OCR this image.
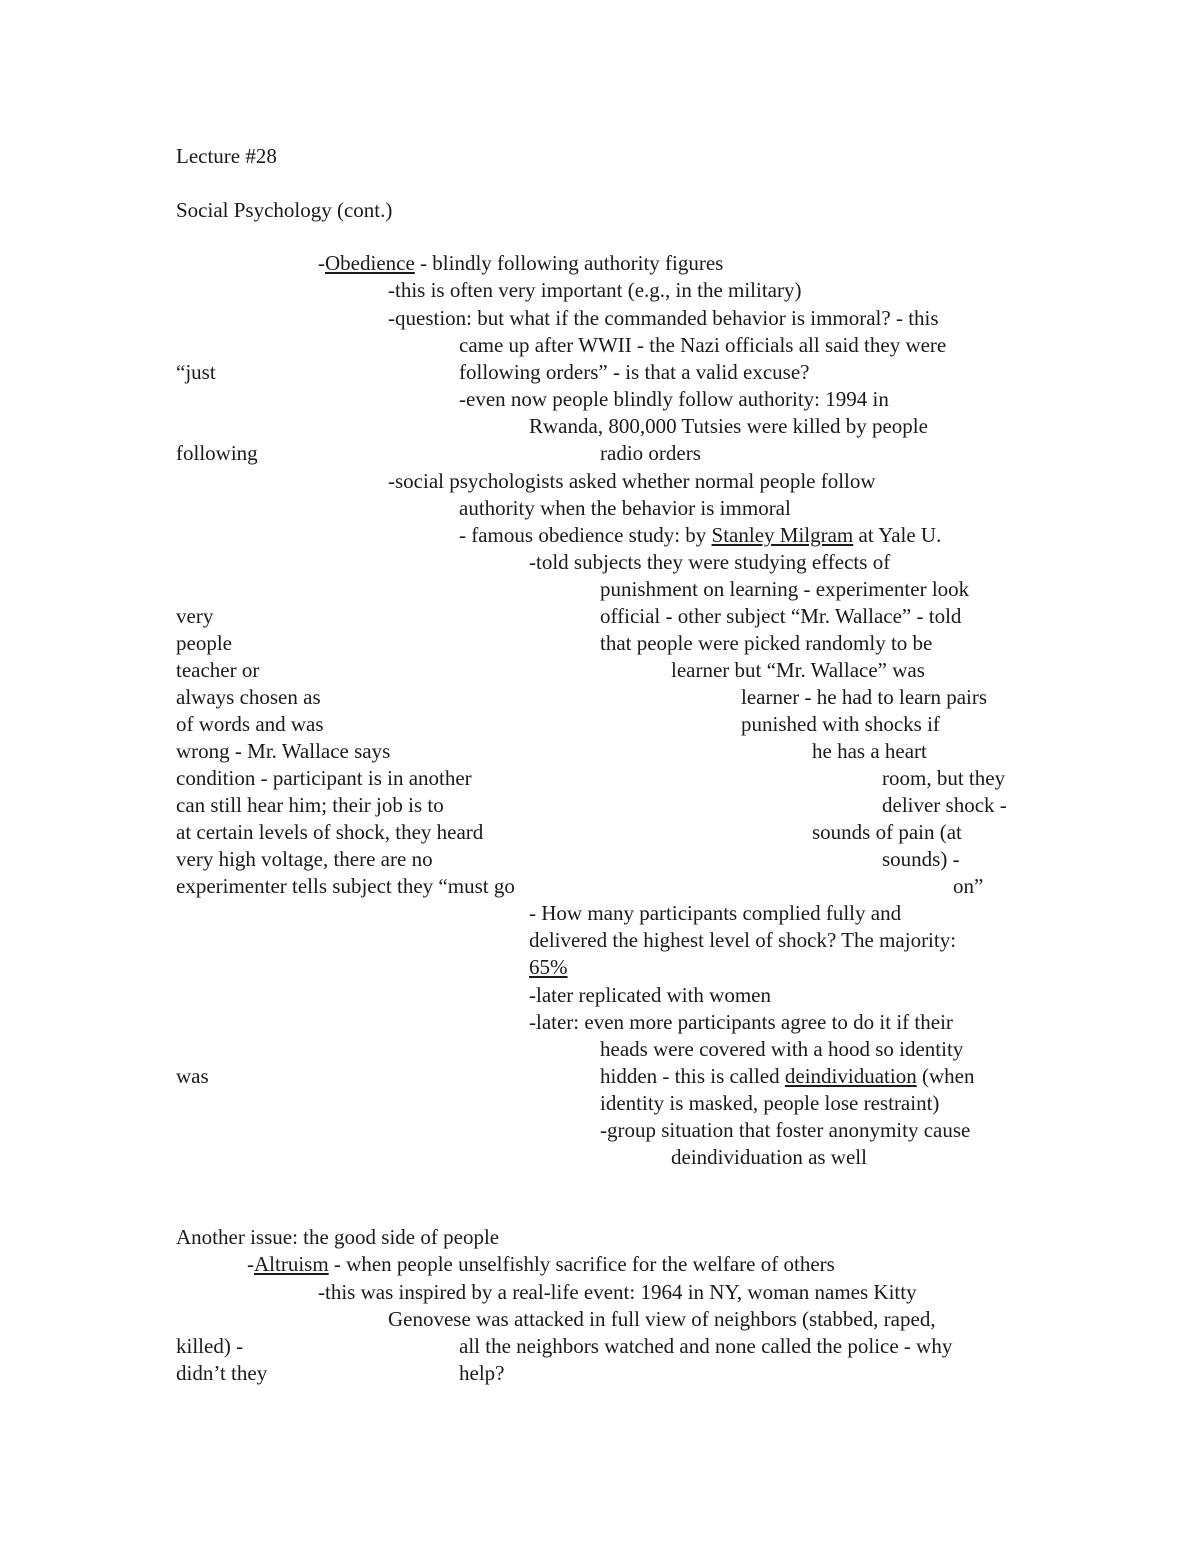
Lecture #28
Social Psychology (cont.)
-Obedience - blindly following authority figures
-this is often very important (e.g., in the military)
-question: but what if the commanded behavior is immoral? - this
came up after WWII - the Nazi officials all said they were
“just	following orders” - is that a valid excuse?
-even now people blindly follow authority: 1994 in
Rwanda, 800,000 Tutsies were killed by people
following	radio orders
-social psychologists asked whether normal people follow
authority when the behavior is immoral
- famous obedience study: by Stanley Milgram at Yale U.
-told subjects they were studying effects of
punishment on learning - experimenter look
very	official - other subject “Mr. Wallace” - told
people	that people were picked randomly to be
teacher or	learner but “Mr. Wallace” was
always chosen as	learner - he had to learn pairs
of words and was	punished with shocks if
wrong - Mr. Wallace says	he has a heart
condition - participant is in another	room, but they
can still hear him; their job is to	deliver shock -
at certain levels of shock, they heard	sounds of pain (at
very high voltage, there are no	sounds) -
experimenter tells subject they “must go	on”
- How many participants complied fully and
delivered the highest level of shock? The majority:
65%
-later replicated with women
-later: even more participants agree to do it if their
heads were covered with a hood so identity
was	hidden - this is called deindividuation (when
identity is masked, people lose restraint)
-group situation that foster anonymity cause
deindividuation as well
Another issue: the good side of people
-Altruism - when people unselfishly sacrifice for the welfare of others
-this was inspired by a real-life event: 1964 in NY, woman names Kitty
Genovese was attacked in full view of neighbors (stabbed, raped,
killed) -	all the neighbors watched and none called the police - why
didn’t they	help?
